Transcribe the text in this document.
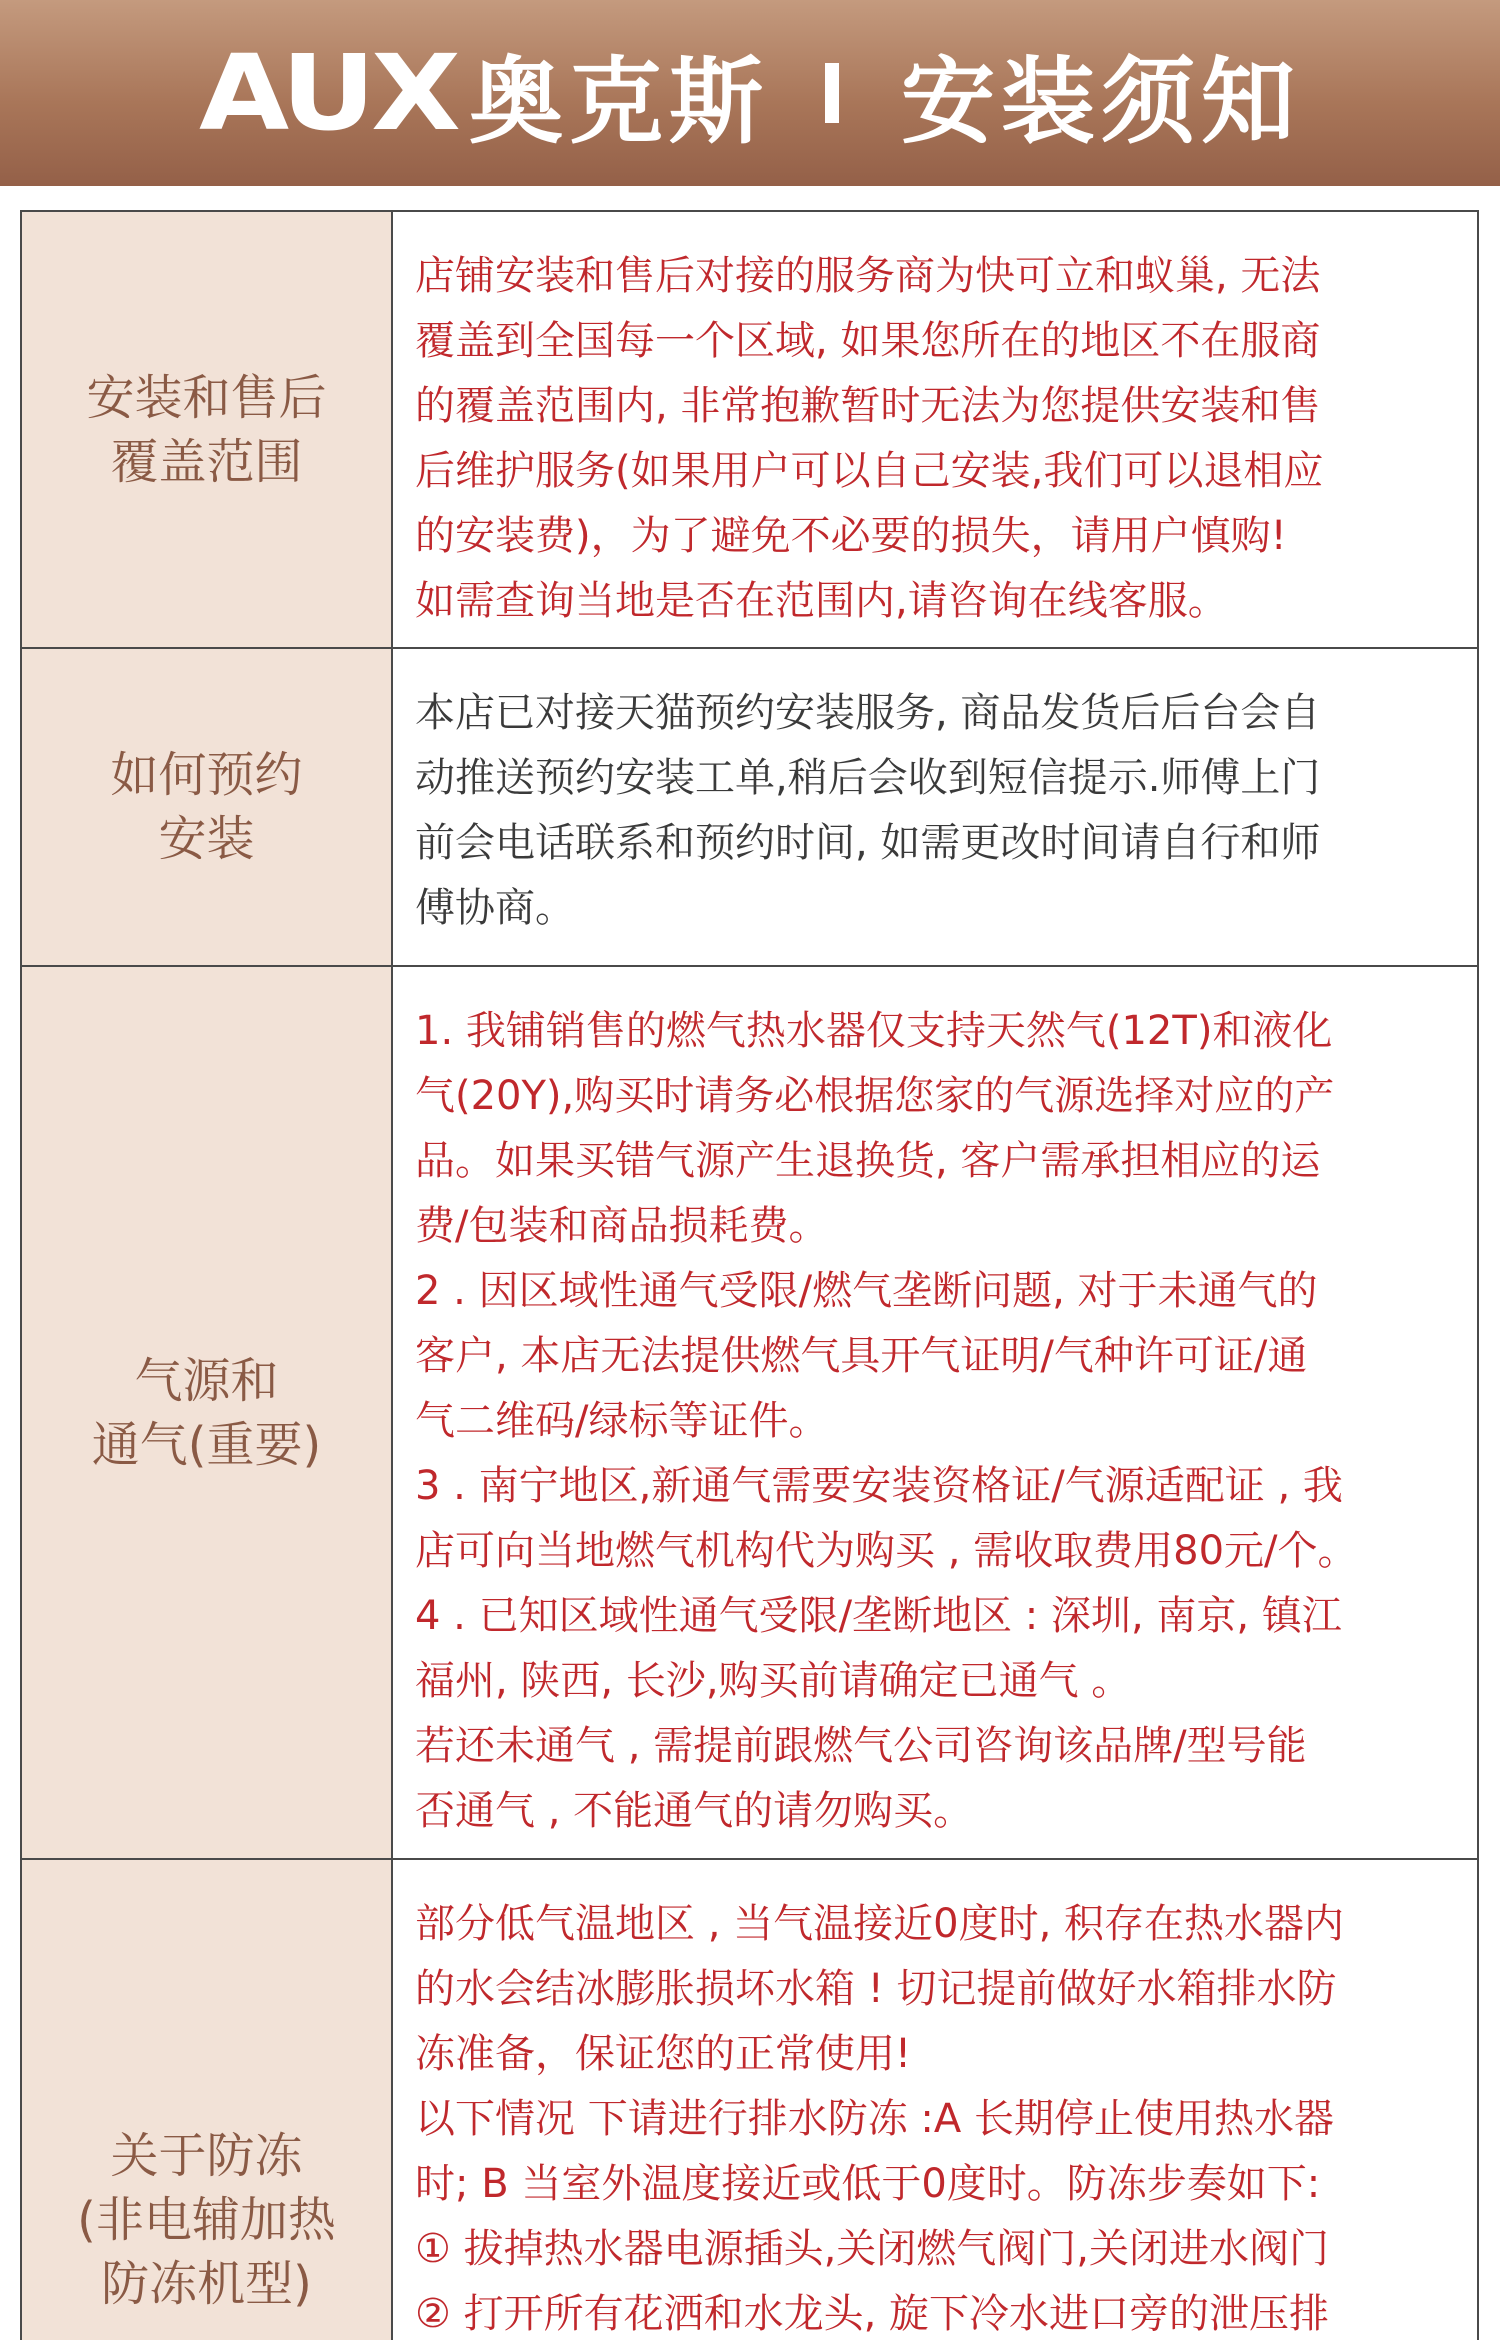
AUX 奥克斯 安装须知
安装和售后
覆盖范围

店铺安装和售后对接的服务商为快可立和蚁巢, 无法

覆盖到全国每一个区域, 如果您所在的地区不在服商

的覆盖范围内, 非常抱歉暂时无法为您提供安装和售

后维护服务(如果用户可以自己安装,我们可以退相应

的安装费)，为了避免不必要的损失，请用户慎购!

如需查询当地是否在范围内,请咨询在线客服。

如何预约
安装

本店已对接天猫预约安装服务, 商品发货后后台会自

动推送预约安装工单,稍后会收到短信提示.师傅上门

前会电话联系和预约时间, 如需更改时间请自行和师

傅协商。

气源和
通气(重要)

1. 我铺销售的燃气热水器仅支持天然气(12T)和液化

气(20Y),购买时请务必根据您家的气源选择对应的产

品。如果买错气源产生退换货, 客户需承担相应的运

费/包装和商品损耗费。

2 . 因区域性通气受限/燃气垄断问题, 对于未通气的

客户, 本店无法提供燃气具开气证明/气种许可证/通

气二维码/绿标等证件。

3 . 南宁地区,新通气需要安装资格证/气源适配证 , 我

店可向当地燃气机构代为购买 , 需收取费用80元/个。

4 . 已知区域性通气受限/垄断地区 : 深圳, 南京, 镇江

福州, 陕西, 长沙,购买前请确定已通气 。

若还未通气 , 需提前跟燃气公司咨询该品牌/型号能

否通气 , 不能通气的请勿购买。

关于防冻
(非电辅加热
防冻机型)

部分低气温地区 , 当气温接近0度时, 积存在热水器内

的水会结冰膨胀损坏水箱 ! 切记提前做好水箱排水防

冻准备，保证您的正常使用!

以下情况 下请进行排水防冻 :A 长期停止使用热水器

时; B 当室外温度接近或低于0度时。防冻步奏如下:

① 拔掉热水器电源插头,关闭燃气阀门,关闭进水阀门

② 打开所有花洒和水龙头, 旋下冷水进口旁的泄压排
